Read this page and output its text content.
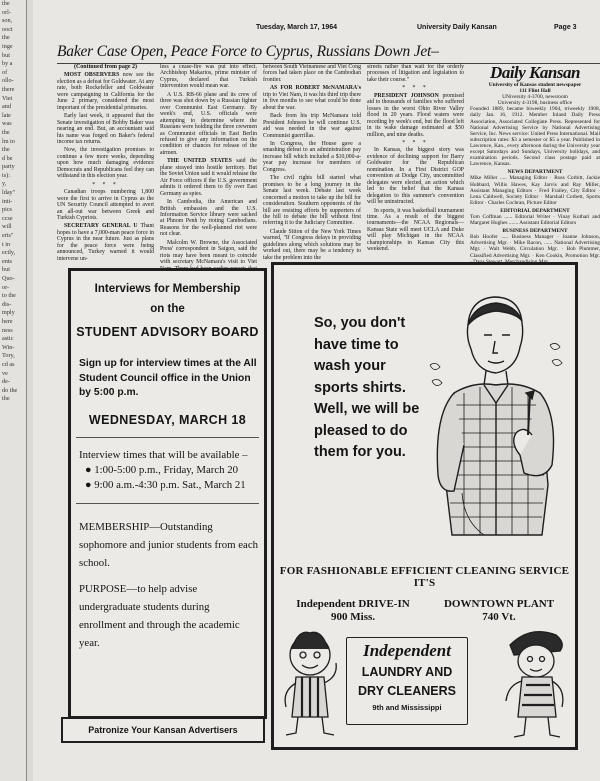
the
orl-
son,
ooct
the
inge
but
by a
of
ollo-
there
Viet
and
late
was
the
lm to
the
d be
party
ts):
y,
lday"
inti-
pics
ccse
will
erts"
t in
ectly,
ents
but
Quo-
or-
to the
dis-
mply
here
ness
astic
Win-
Tory,
cd as
ve
de-
do the
the
Tuesday, March 17, 1964	University Daily Kansan	Page 3
Baker Case Open, Peace Force to Cyprus, Russians Down Jet–

(Continued from page 2)

MOST OBSERVERS now see the election as a defeat for Goldwater. At any rate, both Rockefeller and Goldwater were campaigning in California for the June 2 primary, considered the most important of the presidential primaries.

Early last week, it appeared that the Senate investigation of Bobby Baker was nearing an end. But, an accountant said his name was forged on Baker's federal income tax returns.

Now, the investigation promises to continue a few more weeks, depending upon how much damaging evidence Democrats and Republicans feel they can withstand in this election year.

* * *

Canadian troops numbering 1,800 were the first to arrive in Cyprus as the UN Security Council attempted to avert an all-out war between Greek and Turkish Cypriots.

SECRETARY GENERAL U Thant hopes to have a 7,000-man peace force in Cyprus in the near future. Just as plans for the peace force were being announced, Turkey warned it would intervene un-

less a cease-fire was put into effect. Archbishop Makarios, prime minister of Cyprus, declared that Turkish intervention would mean war.

A U.S. RB-66 plane and its crew of three was shot down by a Russian fighter over Communist East Germany. By week's end, U.S. officials were attempting to determine where the Russians were holding the three crewmen as Communist officials in East Berlin refused to give any information on the condition or chances for release of the airmen.

THE UNITED STATES said the plane strayed into hostile territory. But the Soviet Union said it would release the Air Force officers if the U.S. government admits it ordered them to fly over East Germany as spies.

In Cambodia, the American and British embassies and the U.S. Information Service library were sacked at Phnom Penh by rioting Cambodians. Reasons for the well-planned riot were not clear.

Malcolm W. Browne, the Associated Press' correspondent in Saigon, said the riots may have been meant to coincide with secretary McNamara's visit to Viet

between South Vietnamese and Viet Cong forces had taken place on the Cambodian frontier.

AS FOR ROBERT McNAMARA's trip to Viet Nam, it was his third trip there in five months to see what could be done about the war.

Back from his trip McNamara told President Johnson he will continue U.S. aid was needed in the war against Communist guerrillas.

In Congress, the House gave a smashing defeat to an administration pay increase bill which included a $10,000-a-year pay increase for members of Congress.

The civil rights bill started what promises to be a long journey in the Senate last week. Debate last week concerned a motion to take up the bill for consideration. Southern opponents of the bill are resisting efforts by supporters of the bill to debate the bill without first referring it to the Judiciary Committee.

Claude Sitton of the New York Times warned, "If Congress delays in providing guidelines along which solutions may be worked out, there may be a tendency to take the problem into the

streets rather than wait for the orderly processes of litigation and legislation to take their course."

* * *

PRESIDENT JOHNSON promised aid to thousands of families who suffered losses in the worst Ohio River Valley flood in 20 years. Flood waters were receding by week's end, but the flood left in its wake damage estimated at $50 million, and nine deaths.

* * *

In Kansas, the biggest story was evidence of declining support for Barry Goldwater for the Republican nomination. In a First District GOP convention at Dodge City, uncommitted delegates were elected, an action which led to the belief that the Kansas delegation to this summer's convention will be uninstructed.

In sports, it was basketball tournament time. As a result of the biggest tournaments—the NCAA Regionals—Kansas State will meet UCLA and Duke will play Michigan in the NCAA championships in Kansas City this weekend.

Daily Kansan

University of Kansas student newspaper

111 Flint Hall

UNiversity 4-3700, newsroom

University 4-3198, business office

Founded 1889, became biweekly 1904, triweekly 1908, daily Jan. 16, 1912. Member Inland Daily Press Association, Associated Collegiate Press. Represented for National Advertising Service by National Advertising Service, Inc. News service: United Press International. Mail subscription rates: $3 a semester or $5 a year. Published in Lawrence, Kan., every afternoon during the University year except Saturdays and Sundays, University holidays, and examination periods. Second class postage paid at Lawrence, Kansas.

NEWS DEPARTMENT

Mike Miller ..... Managing Editor · Russ Corbitt, Jackie Hubbard, Willis Hawes, Kay Jarvis and Ray Miller, Assistant Managing Editors · Fred Frailey, City Editor · Lena Caldwell, Society Editor · Marshall Corbett, Sports Editor · Charles Cochran, Picture Editor

EDITORIAL DEPARTMENT

Tom Coffman ...... Editorial Writer · Vinay Kothari and Margaret Hughes ....... Assistant Editorial Editors

BUSINESS DEPARTMENT

Bob Hoofer ..... Business Manager · Joanne Johnson, Advertising Mgr. · Mike Bacon, ...... National Advertising Mgr. · Walt Webb, Circulation Mgr. · Bob Plummer, Classified Advertising Mgr. · Ken Cookin, Promotion Mgr.

Interviews for Membership
on the
STUDENT ADVISORY BOARD
Sign up for interview times at the All Student Council office in the Union by 5:00 p.m.
WEDNESDAY, MARCH 18
Interview times that will be available –
● 1:00-5:00 p.m., Friday, March 20
● 9:00 a.m.-4:30 p.m. Sat., March 21

MEMBERSHIP—Outstanding sophomore and junior students from each school.

PURPOSE—to help advise undergraduate students during enrollment and through the academic year.

Patronize Your Kansan Advertisers
So, you don't have time to wash your sports shirts. Well, we will be pleased to do them for you.
FOR FASHIONABLE EFFICIENT CLEANING SERVICE
IT'S
Independent DRIVE-IN
900 Miss.
DOWNTOWN PLANT
740 Vt.
Independent
LAUNDRY AND
DRY CLEANERS
9th and Mississippi
